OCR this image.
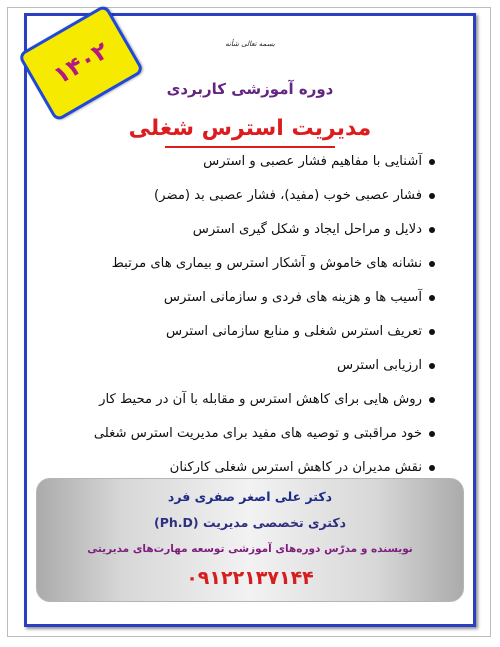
بسمه تعالی شأنه
۱۴۰۲	دوره آموزشی کاربردی
مدیریت استرس شغلی
آشنایی با مفاهیم فشار عصبی و استرس
فشار عصبی خوب (مفید)، فشار عصبی بد (مضر)
دلایل و مراحل ایجاد و شکل گیری استرس
نشانه های خاموش و آشکار استرس و بیماری های مرتبط
آسیب ها و هزینه های فردی و سازمانی استرس
تعریف استرس شغلی و منابع سازمانی استرس
ارزیابی استرس
روش هایی برای کاهش استرس و مقابله با آن در محیط کار
خود مراقبتی و توصیه های مفید برای مدیریت استرس شغلی
نقش مدیران در کاهش استرس شغلی کارکنان
دکتر علی اصغر صفری فرد
دکتری تخصصی مدیریت (Ph.D)
نویسنده و مدرّس دوره‌های آموزشی توسعه مهارت‌های مدیریتی
۰۹۱۲۲۱۳۷۱۴۴
